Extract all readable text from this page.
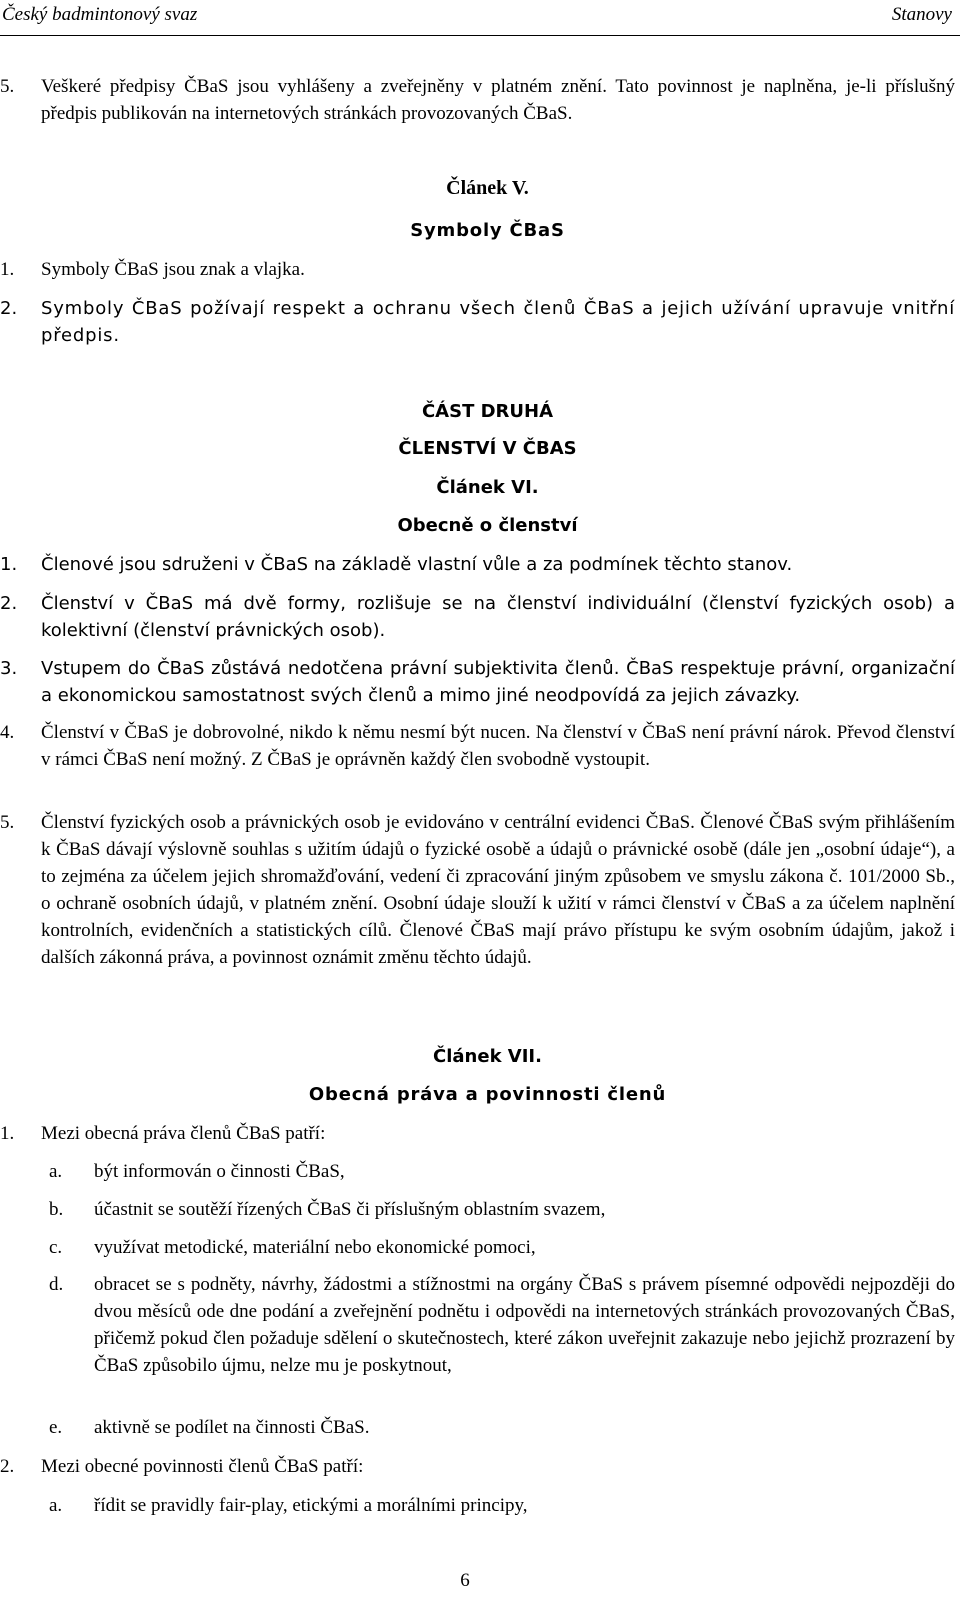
Český badmintonový svaz	Stanovy
5. Veškeré předpisy ČBaS jsou vyhlášeny a zveřejněny v platném znění. Tato povinnost je naplněna, je-li příslušný předpis publikován na internetových stránkách provozovaných ČBaS.
Článek V.
Symboly ČBaS
1. Symboly ČBaS jsou znak a vlajka.
2. Symboly ČBaS požívají respekt a ochranu všech členů ČBaS a jejich užívání upravuje vnitřní předpis.
ČÁST DRUHÁ
ČLENSTVÍ V ČBAS
Článek VI.
Obecně o členství
1. Členové jsou sdruženi v ČBaS na základě vlastní vůle a za podmínek těchto stanov.
2. Členství v ČBaS má dvě formy, rozlišuje se na členství individuální (členství fyzických osob) a kolektivní (členství právnických osob).
3. Vstupem do ČBaS zůstává nedotčena právní subjektivita členů. ČBaS respektuje právní, organizační a ekonomickou samostatnost svých členů a mimo jiné neodpovídá za jejich závazky.
4. Členství v ČBaS je dobrovolné, nikdo k němu nesmí být nucen. Na členství v ČBaS není právní nárok. Převod členství v rámci ČBaS není možný. Z ČBaS je oprávněn každý člen svobodně vystoupit.
5. Členství fyzických osob a právnických osob je evidováno v centrální evidenci ČBaS. Členové ČBaS svým přihlášením k ČBaS dávají výslovně souhlas s užitím údajů o fyzické osobě a údajů o právnické osobě (dále jen „osobní údaje“), a to zejména za účelem jejich shromažďování, vedení či zpracování jiným způsobem ve smyslu zákona č. 101/2000 Sb., o ochraně osobních údajů, v platném znění. Osobní údaje slouží k užití v rámci členství v ČBaS a za účelem naplnění kontrolních, evidenčních a statistických cílů. Členové ČBaS mají právo přístupu ke svým osobním údajům, jakož i dalších zákonná práva, a povinnost oznámit změnu těchto údajů.
Článek VII.
Obecná práva a povinnosti členů
1. Mezi obecná práva členů ČBaS patří:
a. být informován o činnosti ČBaS,
b. účastnit se soutěží řízených ČBaS či příslušným oblastním svazem,
c. využívat metodické, materiální nebo ekonomické pomoci,
d. obracet se s podněty, návrhy, žádostmi a stížnostmi na orgány ČBaS s právem písemné odpovědi nejpozději do dvou měsíců ode dne podání a zveřejnění podnětu i odpovědi na internetových stránkách provozovaných ČBaS, přičemž pokud člen požaduje sdělení o skutečnostech, které zákon uveřejnit zakazuje nebo jejichž prozrazení by ČBaS způsobilo újmu, nelze mu je poskytnout,
e. aktivně se podílet na činnosti ČBaS.
2. Mezi obecné povinnosti členů ČBaS patří:
a. řídit se pravidly fair-play, etickými a morálními principy,
6
